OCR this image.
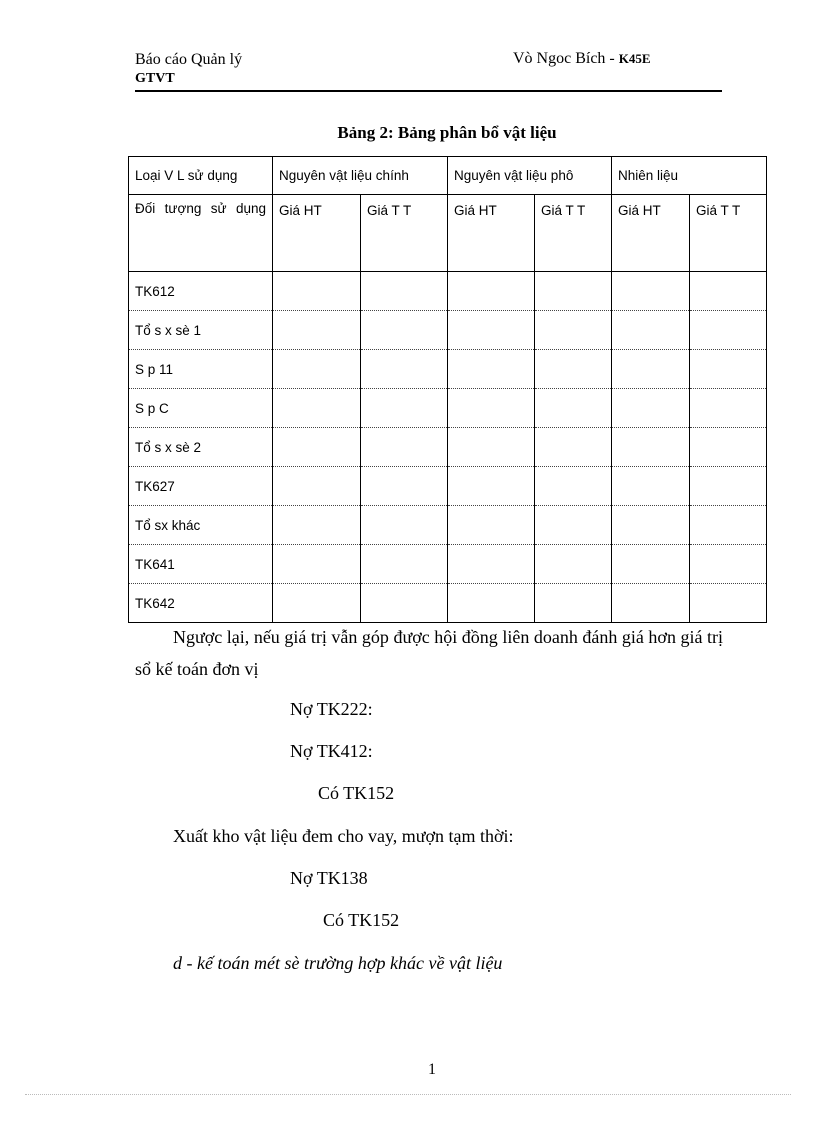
Báo cáo Quản lý
GTVT
Vò Ngoc Bích - K45E
Bảng 2: Bảng phân bổ vật liệu
Loại V L sử dụng	Nguyên vật liệu chính		Nguyên vật liệu phô		Nhiên liệu	

Đối tượng sử dụng	Giá HT	Giá T T	Giá HT	Giá T T	Giá HT	Giá T T
TK612						
Tổ s x sè 1						
S p 11						
S p C						
Tổ s x sè 2						
TK627						
Tổ sx khác						
TK641						
TK642						
Ngược lại, nếu giá trị vẫn góp được hội đồng liên doanh đánh giá hơn giá trị sổ kế toán đơn vị
Nợ TK222:
Nợ TK412:
Có TK152
Xuất kho vật liệu đem cho vay, mượn tạm thời:
Nợ TK138
d - kế toán mét sè trường hợp khác về vật liệu
Có TK152
1
